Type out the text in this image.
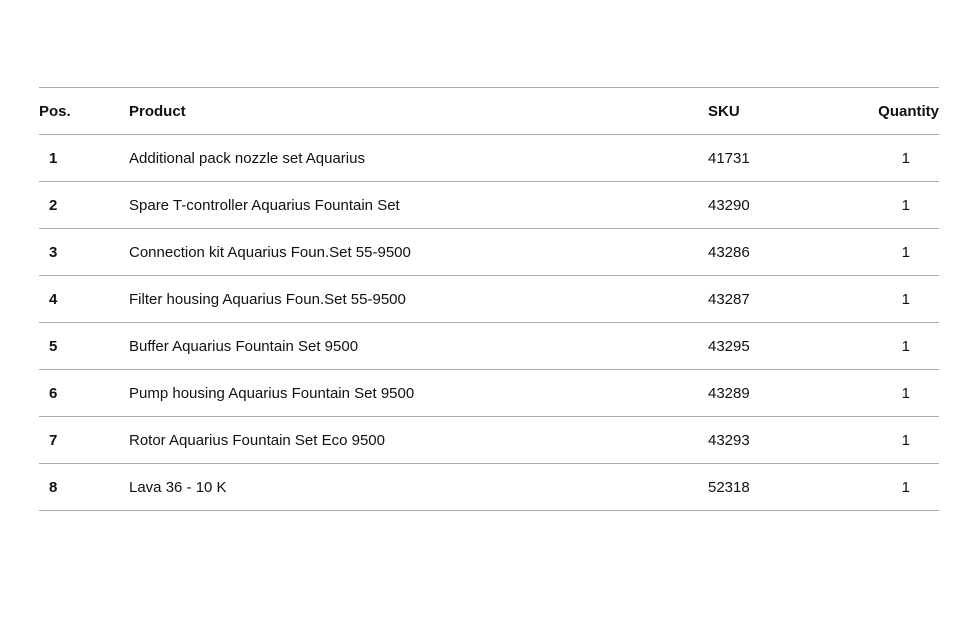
Pos.	Product	SKU	Quantity
1	Additional pack nozzle set Aquarius	41731	1
2	Spare T-controller Aquarius Fountain Set	43290	1
3	Connection kit Aquarius Foun.Set 55-9500	43286	1
4	Filter housing Aquarius Foun.Set 55-9500	43287	1
5	Buffer Aquarius Fountain Set 9500	43295	1
6	Pump housing Aquarius Fountain Set 9500	43289	1
7	Rotor Aquarius Fountain Set Eco 9500	43293	1
8	Lava 36 - 10 K	52318	1
